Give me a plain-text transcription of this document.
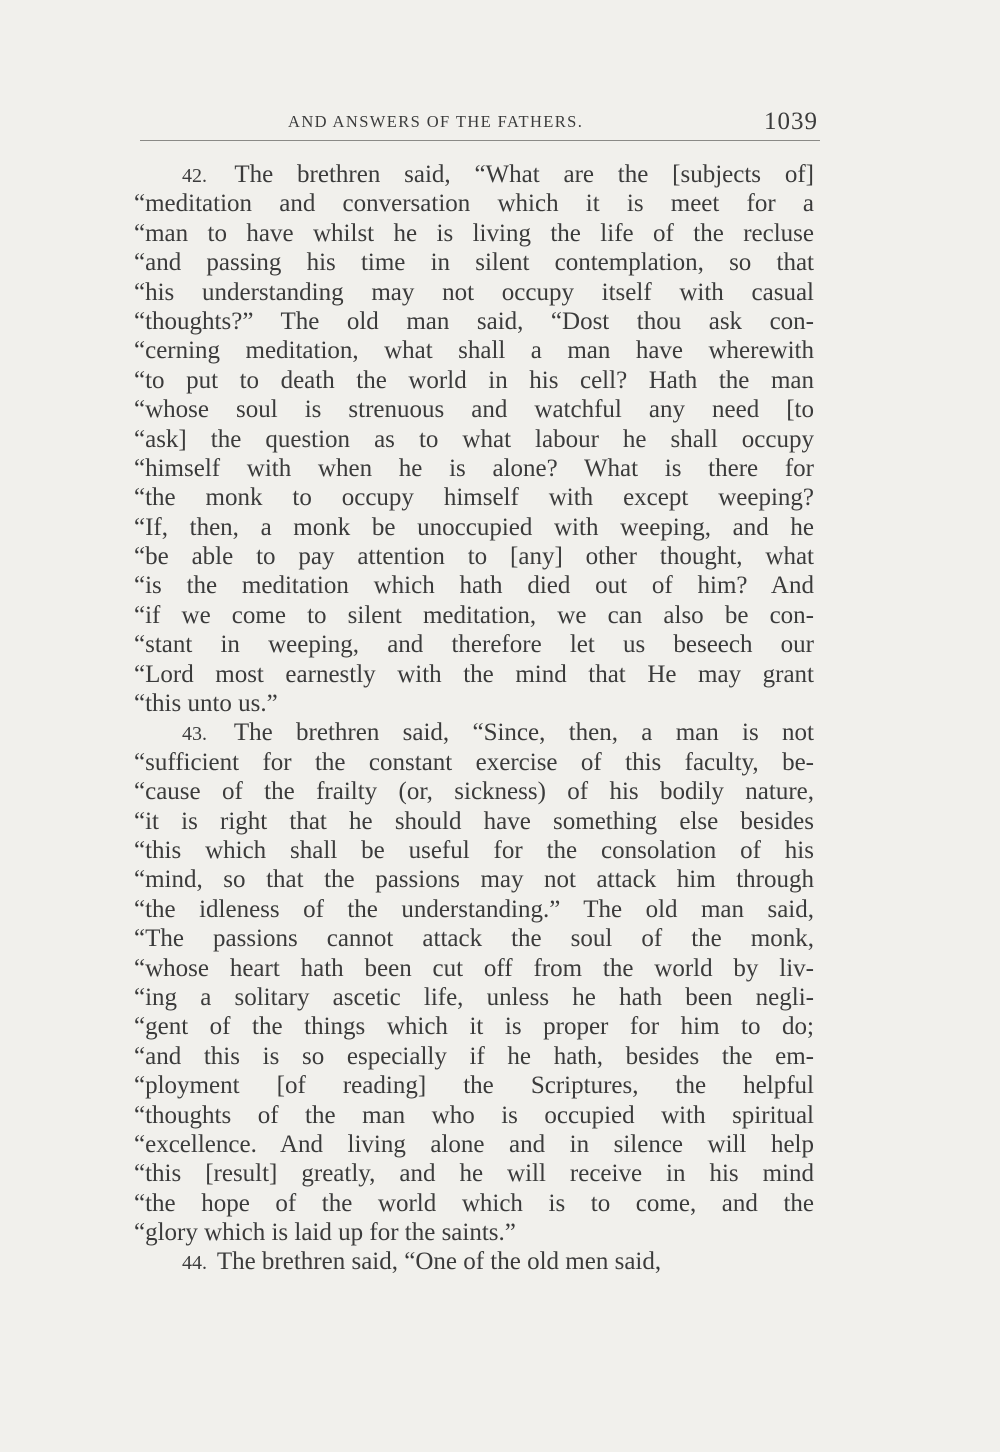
AND ANSWERS OF THE FATHERS.	1039
42. The brethren said, “What are the [subjects of]
“meditation and conversation which it is meet for a
“man to have whilst he is living the life of the recluse
“and passing his time in silent contemplation, so that
“his understanding may not occupy itself with casual
“thoughts?” The old man said, “Dost thou ask con-
“cerning meditation, what shall a man have wherewith
“to put to death the world in his cell? Hath the man
“whose soul is strenuous and watchful any need [to
“ask] the question as to what labour he shall occupy
“himself with when he is alone? What is there for
“the monk to occupy himself with except weeping?
“If, then, a monk be unoccupied with weeping, and he
“be able to pay attention to [any] other thought, what
“is the meditation which hath died out of him? And
“if we come to silent meditation, we can also be con-
“stant in weeping, and therefore let us beseech our
“Lord most earnestly with the mind that He may grant
“this unto us.”
43. The brethren said, “Since, then, a man is not
“sufficient for the constant exercise of this faculty, be-
“cause of the frailty (or, sickness) of his bodily nature,
“it is right that he should have something else besides
“this which shall be useful for the consolation of his
“mind, so that the passions may not attack him through
“the idleness of the understanding.” The old man said,
“The passions cannot attack the soul of the monk,
“whose heart hath been cut off from the world by liv-
“ing a solitary ascetic life, unless he hath been negli-
“gent of the things which it is proper for him to do;
“and this is so especially if he hath, besides the em-
“ployment [of reading] the Scriptures, the helpful
“thoughts of the man who is occupied with spiritual
“excellence. And living alone and in silence will help
“this [result] greatly, and he will receive in his mind
“the hope of the world which is to come, and the
“glory which is laid up for the saints.”
44. The brethren said, “One of the old men said,
